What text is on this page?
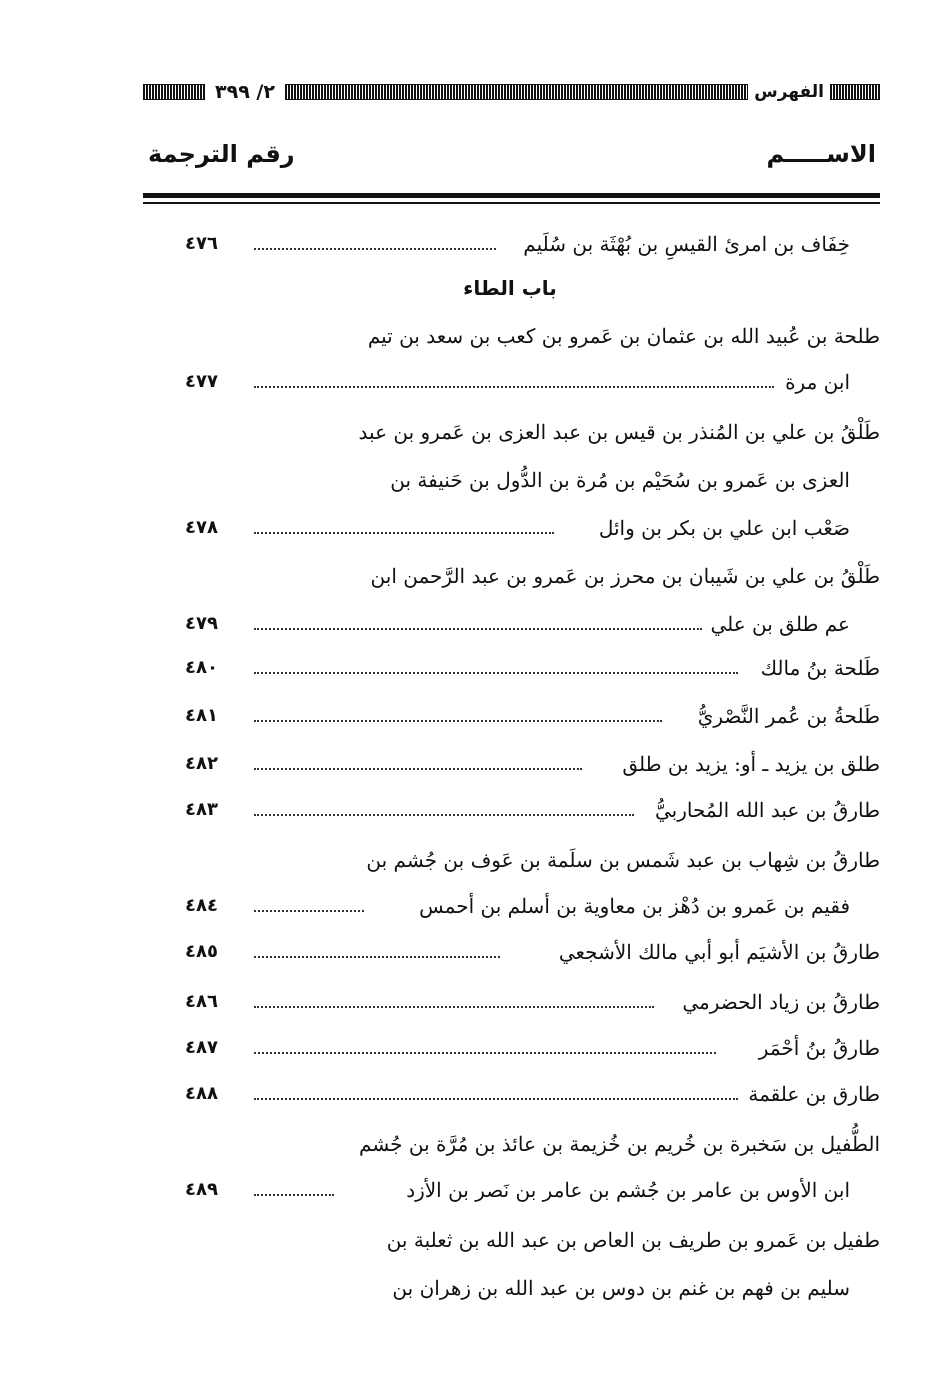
الفهرس
٢/ ٣٩٩
الاســـــم
رقم الترجمة
خِفَاف بن امرئ القيسِ بن بُهْثَة بن سُلَيم
٤٧٦
باب الطاء
طلحة بن عُبيد الله بن عثمان بن عَمرو بن كعب بن سعد بن تيم
ابن مرة
٤٧٧
طَلْقُ بن علي بن المُنذر بن قيس بن عبد العزى بن عَمرو بن عبد
العزى بن عَمرو بن سُحَيْم بن مُرة بن الدُّول بن حَنيفة بن
صَعْب ابن علي بن بكر بن وائل
٤٧٨
طَلْقُ بن علي بن شَيبان بن محرز بن عَمرو بن عبد الرَّحمن ابن
عم طلق بن علي
٤٧٩
طَلحة بنُ مالك
٤٨٠
طَلحةُ بن عُمر النَّصْريُّ
٤٨١
طلق بن يزيد ـ أو: يزيد بن طلق
٤٨٢
طارقُ بن عبد الله المُحاربيُّ
٤٨٣
طارقُ بن شِهاب بن عبد شَمس بن سلَمة بن عَوف بن جُشم بن
فقيم بن عَمرو بن دُهْز بن معاوية بن أسلم بن أحمس
٤٨٤
طارقُ بن الأشيَم أبو أبي مالك الأشجعي
٤٨٥
طارقُ بن زياد الحضرمي
٤٨٦
طارقُ بنُ أحْمَر
٤٨٧
طارق بن علقمة
٤٨٨
الطُّفيل بن سَخبرة بن خُريم بن خُزيمة بن عائذ بن مُرَّة بن جُشم
ابن الأوس بن عامر بن جُشم بن عامر بن نَصر بن الأزد
٤٨٩
طفيل بن عَمرو بن طريف بن العاص بن عبد الله بن ثعلبة بن
سليم بن فهم بن غنم بن دوس بن عبد الله بن زهران بن
